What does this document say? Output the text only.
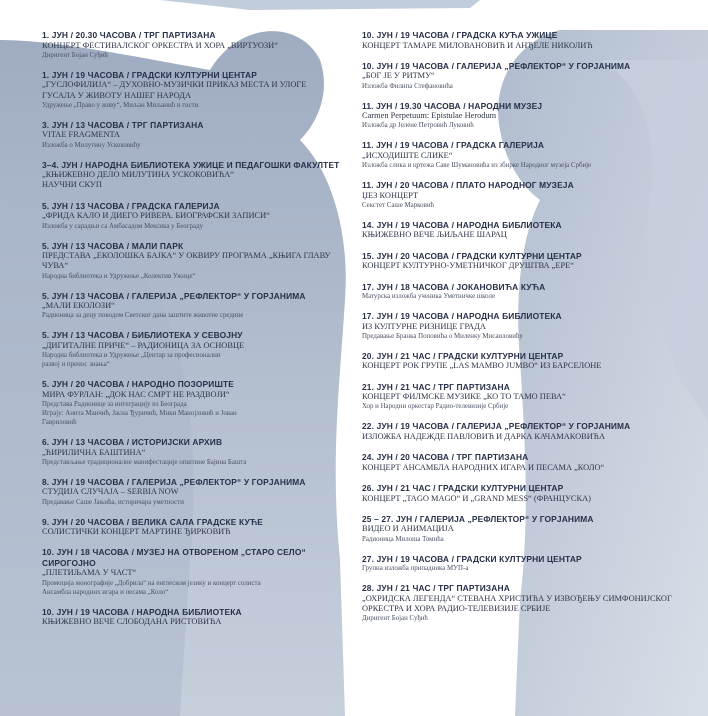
1. ЈУН / 20.30 ЧАСОВА / ТРГ ПАРТИЗАНА
КОНЦЕРТ ФЕСТИВАЛСКОГ ОРКЕСТРА И ХОРА „ВИРТУОЗИ“
Диригент Бојан Суђић
1. ЈУН / 19 ЧАСОВА / ГРАДСКИ КУЛТУРНИ ЦЕНТАР
„ГУСЛОФИЛИЈА“ – ДУХОВНО-МУЗИЧКИ ПРИКАЗ МЕСТА И УЛОГЕ
ГУСАЛА У ЖИВОТУ НАШЕГ НАРОДА
Удружење „Право у живу“, Миљан Миљанић и гости
3. ЈУН / 13 ЧАСОВА / ТРГ ПАРТИЗАНА
VITAE FRAGMENTA
Изложба о Милутину Ускоковићу
3–4. ЈУН / НАРОДНА БИБЛИОТЕКА УЖИЦЕ И ПЕДАГОШКИ ФАКУЛТЕТ
„КЊИЖЕВНО ДЕЛО МИЛУТИНА УСКОКОВИЋА“
НАУЧНИ СКУП
5. ЈУН / 13 ЧАСОВА / ГРАДСКА ГАЛЕРИЈА
„ФРИДА КАЛО И ДИЕГО РИВЕРА. БИОГРАФСКИ ЗАПИСИ“
Изложба у сарадњи са Амбасадом Мексика у Београду
5. ЈУН / 13 ЧАСОВА / МАЛИ ПАРК
ПРЕДСТАВА „ЕКОЛОШКА БАЈКА“ У ОКВИРУ ПРОГРАМА „КЊИГА ГЛАВУ
ЧУВА“
Народна библиотека и Удружење „Колектив Ужице“
5. ЈУН / 13 ЧАСОВА / ГАЛЕРИЈА „РЕФЛЕКТОР“ У ГОРЈАНИМА
„МАЛИ ЕКОЛОЗИ“
Радионица за децу поводом Светског дана заштите животне средине
5. ЈУН / 13 ЧАСОВА / БИБЛИОТЕКА У СЕВОЈНУ
„ДИГИТАЛНЕ ПРИЧЕ“ – РАДИОНИЦА ЗА ОСНОВЦЕ
Народна библиотека и Удружење „Центар за професионални
развој и пренос знања“
5. ЈУН / 20 ЧАСОВА / НАРОДНО ПОЗОРИШТЕ
МИРА ФУРЛАН: „ДОК НАС СМРТ НЕ РАЗДВОЈИ“
Представа Радионице за интеграцију из Београда
Играју: Анита Манчић, Јасна Ђуричић, Мики Манојловић и Јован
Гавриловић
6. ЈУН / 13 ЧАСОВА / ИСТОРИЈСКИ АРХИВ
„ЋИРИЛИЧНА БАШТИНА“
Представљање традиционалне манифестације општине Бајина Башта
8. ЈУН / 19 ЧАСОВА / ГАЛЕРИЈА „РЕФЛЕКТОР“ У ГОРЈАНИМА
СТУДИЈА СЛУЧАЈА – SERBIA NOW
Предавање Саше Јањића, историчара уметности
9. ЈУН / 20 ЧАСОВА / ВЕЛИКА САЛА ГРАДСКЕ КУЋЕ
СОЛИСТИЧКИ КОНЦЕРТ МАРТИНЕ ЂИРКОВИЋ
10. ЈУН / 18 ЧАСОВА / МУЗЕЈ НА ОТВОРЕНОМ „СТАРО СЕЛО“ СИРОГОЈНО
„ПЛЕТИЉАМА У ЧАСТ“
Промоција монографије „Добрила“ на енглеском језику и концерт солиста
Ансамбла народних игара и песама „Коло“
10. ЈУН / 19 ЧАСОВА / НАРОДНА БИБЛИОТЕКА
КЊИЖЕВНО ВЕЧЕ СЛОБОДАНА РИСТОВИЋА
10. ЈУН / 19 ЧАСОВА / ГРАДСКА КУЋА УЖИЦЕ
КОНЦЕРТ ТАМАРЕ МИЛОВАНОВИЋ И АНЂЕЛЕ НИКОЛИЋ
10. ЈУН / 19 ЧАСОВА / ГАЛЕРИЈА „РЕФЛЕКТОР“ У ГОРЈАНИМА
„БОГ ЈЕ У РИТМУ“
Изложба Филипа Стефановића
11. ЈУН / 19.30 ЧАСОВА / НАРОДНИ МУЗЕЈ
Carmen Perpetuum: Epistulae Herodum
Изложба др Јелене Петровић Луковић
11. ЈУН / 19 ЧАСОВА / ГРАДСКА ГАЛЕРИЈА
„ИСХОДИШТЕ СЛИКЕ“
Изложба слика и цртежа Саве Шумановића из збирке Народног музеја Србије
11. ЈУН / 20 ЧАСОВА / ПЛАТО НАРОДНОГ МУЗЕЈА
ЏЕЗ КОНЦЕРТ
Секстет Саше Марковић
14. ЈУН / 19 ЧАСОВА / НАРОДНА БИБЛИОТЕКА
КЊИЖЕВНО ВЕЧЕ ЉИЉАНЕ ШАРАЦ
15. ЈУН / 20 ЧАСОВА / ГРАДСКИ КУЛТУРНИ ЦЕНТАР
КОНЦЕРТ КУЛТУРНО-УМЕТНИЧКОГ ДРУШТВА „ЕРЕ“
17. ЈУН / 18 ЧАСОВА / ЈОКАНОВИЋА КУЋА
Матурска изложба ученика Уметничке школе
17. ЈУН / 19 ЧАСОВА / НАРОДНА БИБЛИОТЕКА
ИЗ КУЛТУРНЕ РИЗНИЦЕ ГРАДА
Предавање Бранка Поповића о Миленку Мисаиловићу
20. ЈУН / 21 ЧАС / ГРАДСКИ КУЛТУРНИ ЦЕНТАР
КОНЦЕРТ РОК ГРУПЕ „LAS MAMBO JUMBO“ ИЗ БАРСЕЛОНЕ
21. ЈУН / 21 ЧАС / ТРГ ПАРТИЗАНА
КОНЦЕРТ ФИЛМСКЕ МУЗИКЕ „КО ТО ТАМО ПЕВА“
Хор и Народни оркестар Радио-телевизије Србије
22. ЈУН / 19 ЧАСОВА / ГАЛЕРИЈА „РЕФЛЕКТОР“ У ГОРЈАНИМА
ИЗЛОЖБА НАДЕЖДЕ ПАВЛОВИЋ И ДАРКА КАЧАМАКОВИЋА
24. ЈУН / 20 ЧАСОВА / ТРГ ПАРТИЗАНА
КОНЦЕРТ АНСАМБЛА НАРОДНИХ ИГАРА И ПЕСАМА „КОЛО“
26. ЈУН / 21 ЧАС / ГРАДСКИ КУЛТУРНИ ЦЕНТАР
КОНЦЕРТ „TAGO MAGO“ И „GRAND MESS“ (ФРАНЦУСКА)
25 – 27. ЈУН / ГАЛЕРИЈА „РЕФЛЕКТОР“ У ГОРЈАНИМА
ВИДЕО И АНИМАЦИЈА
Радионица Милоша Томића
27. ЈУН / 19 ЧАСОВА / ГРАДСКИ КУЛТУРНИ ЦЕНТАР
Групна изложба припадника МУП-а
28. ЈУН / 21 ЧАС / ТРГ ПАРТИЗАНА
„ОХРИДСКА ЛЕГЕНДА“ СТЕВАНА ХРИСТИЋА У ИЗВОЂЕЊУ СИМФОНИЈСКОГ
ОРКЕСТРА И ХОРА РАДИО-ТЕЛЕВИЗИЈЕ СРБИЈЕ
Диригент Бојан Суђић
